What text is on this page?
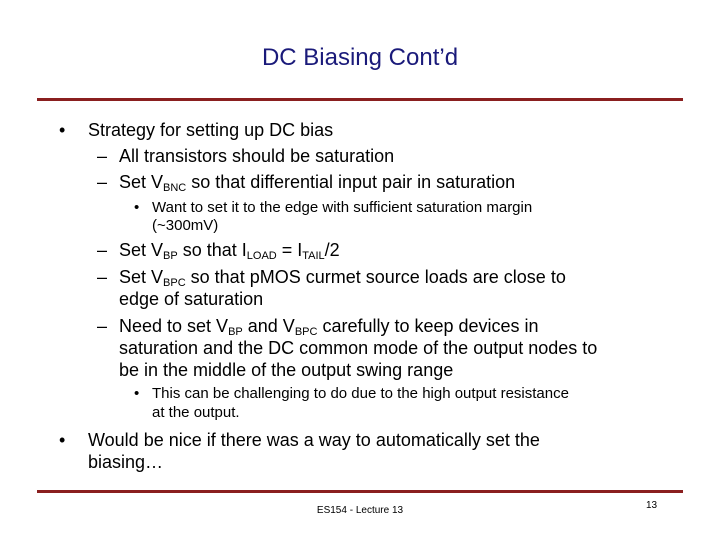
DC Biasing Cont’d
• Strategy for setting up DC bias
– All transistors should be saturation
– Set $V_{BNC}$ so that differential input pair in saturation
• Want to set it to the edge with sufficient saturation margin
(~300mV)
– Set $V_{BP}$ so that $I_{LOAD} = I_{TAIL}/2$
– Set $V_{BPC}$ so that pMOS curmet source loads are close to
edge of saturation
– Need to set $V_{BP}$ and $V_{BPC}$ carefully to keep devices in
saturation and the DC common mode of the output nodes to
be in the middle of the output swing range
• This can be challenging to do due to the high output resistance
at the output.
• Would be nice if there was a way to automatically set the
biasing…
ES154 - Lecture 13	13
